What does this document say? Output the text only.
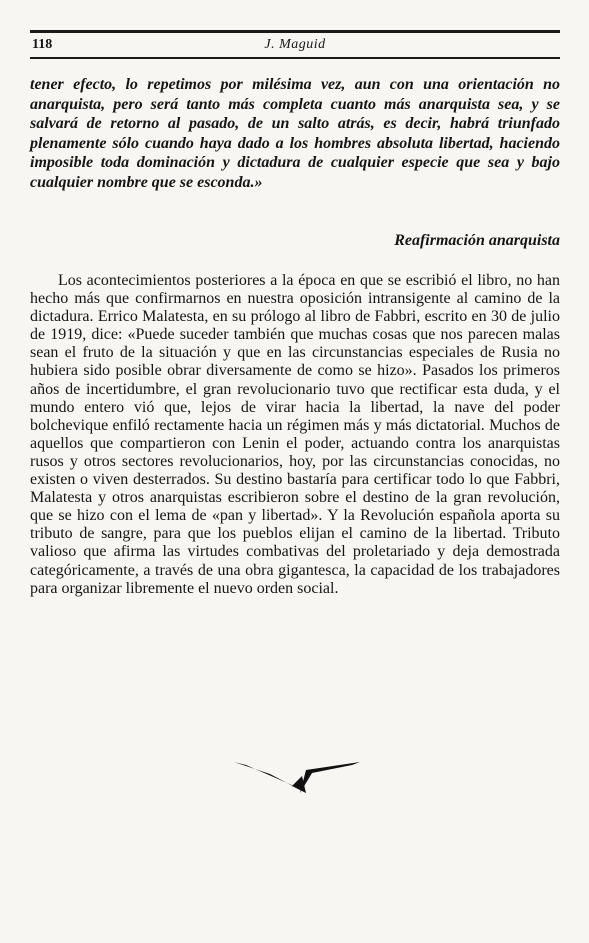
118	J. Maguid

tener efecto, lo repetimos por milésima vez, aun con una orientación no anarquista, pero será tanto más completa cuanto más anarquista sea, y se salvará de retorno al pasado, de un salto atrás, es decir, habrá triunfado plenamente sólo cuando haya dado a los hombres absoluta libertad, haciendo imposible toda dominación y dictadura de cualquier especie que sea y bajo cualquier nombre que se esconda.»

Reafirmación anarquista

Los acontecimientos posteriores a la época en que se escribió el libro, no han hecho más que confirmarnos en nuestra oposición intransigente al camino de la dictadura. Errico Malatesta, en su prólogo al libro de Fabbri, escrito en 30 de julio de 1919, dice: «Puede suceder también que muchas cosas que nos parecen malas sean el fruto de la situación y que en las circunstancias especiales de Rusia no hubiera sido posible obrar diversamente de como se hizo». Pasados los primeros años de incertidumbre, el gran revolucionario tuvo que rectificar esta duda, y el mundo entero vió que, lejos de virar hacia la libertad, la nave del poder bolchevique enfiló rectamente hacia un régimen más y más dictatorial. Muchos de aquellos que compartieron con Lenin el poder, actuando contra los anarquistas rusos y otros sectores revolucionarios, hoy, por las circunstancias conocidas, no existen o viven desterrados. Su destino bastaría para certificar todo lo que Fabbri, Malatesta y otros anarquistas escribieron sobre el destino de la gran revolución, que se hizo con el lema de «pan y libertad». Y la Revolución española aporta su tributo de sangre, para que los pueblos elijan el camino de la libertad. Tributo valioso que afirma las virtudes combativas del proletariado y deja demostrada categóricamente, a través de una obra gigantesca, la capacidad de los trabajadores para organizar libremente el nuevo orden social.
